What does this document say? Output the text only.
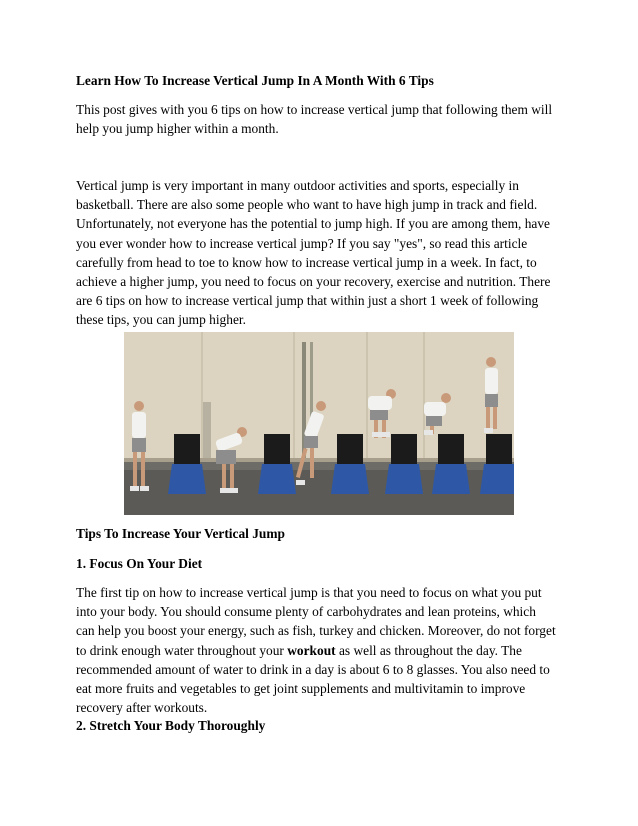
Learn How To Increase Vertical Jump In A Month With 6 Tips

This post gives with you 6 tips on how to increase vertical jump that following them will
help you jump higher within a month.

Vertical jump is very important in many outdoor activities and sports, especially in
basketball. There are also some people who want to have high jump in track and field.
Unfortunately, not everyone has the potential to jump high. If you are among them, have
you ever wonder how to increase vertical jump? If you say "yes", so read this article
carefully from head to toe to know how to increase vertical jump in a week. In fact, to
achieve a higher jump, you need to focus on your recovery, exercise and nutrition. There
are 6 tips on how to increase vertical jump that within just a short 1 week of following
these tips, you can jump higher.

Tips To Increase Your Vertical Jump

1. Focus On Your Diet

The first tip on how to increase vertical jump is that you need to focus on what you put
into your body. You should consume plenty of carbohydrates and lean proteins, which
can help you boost your energy, such as fish, turkey and chicken. Moreover, do not forget
to drink enough water throughout your workout as well as throughout the day. The
recommended amount of water to drink in a day is about 6 to 8 glasses. You also need to
eat more fruits and vegetables to get joint supplements and multivitamin to improve
recovery after workouts.

2. Stretch Your Body Thoroughly
